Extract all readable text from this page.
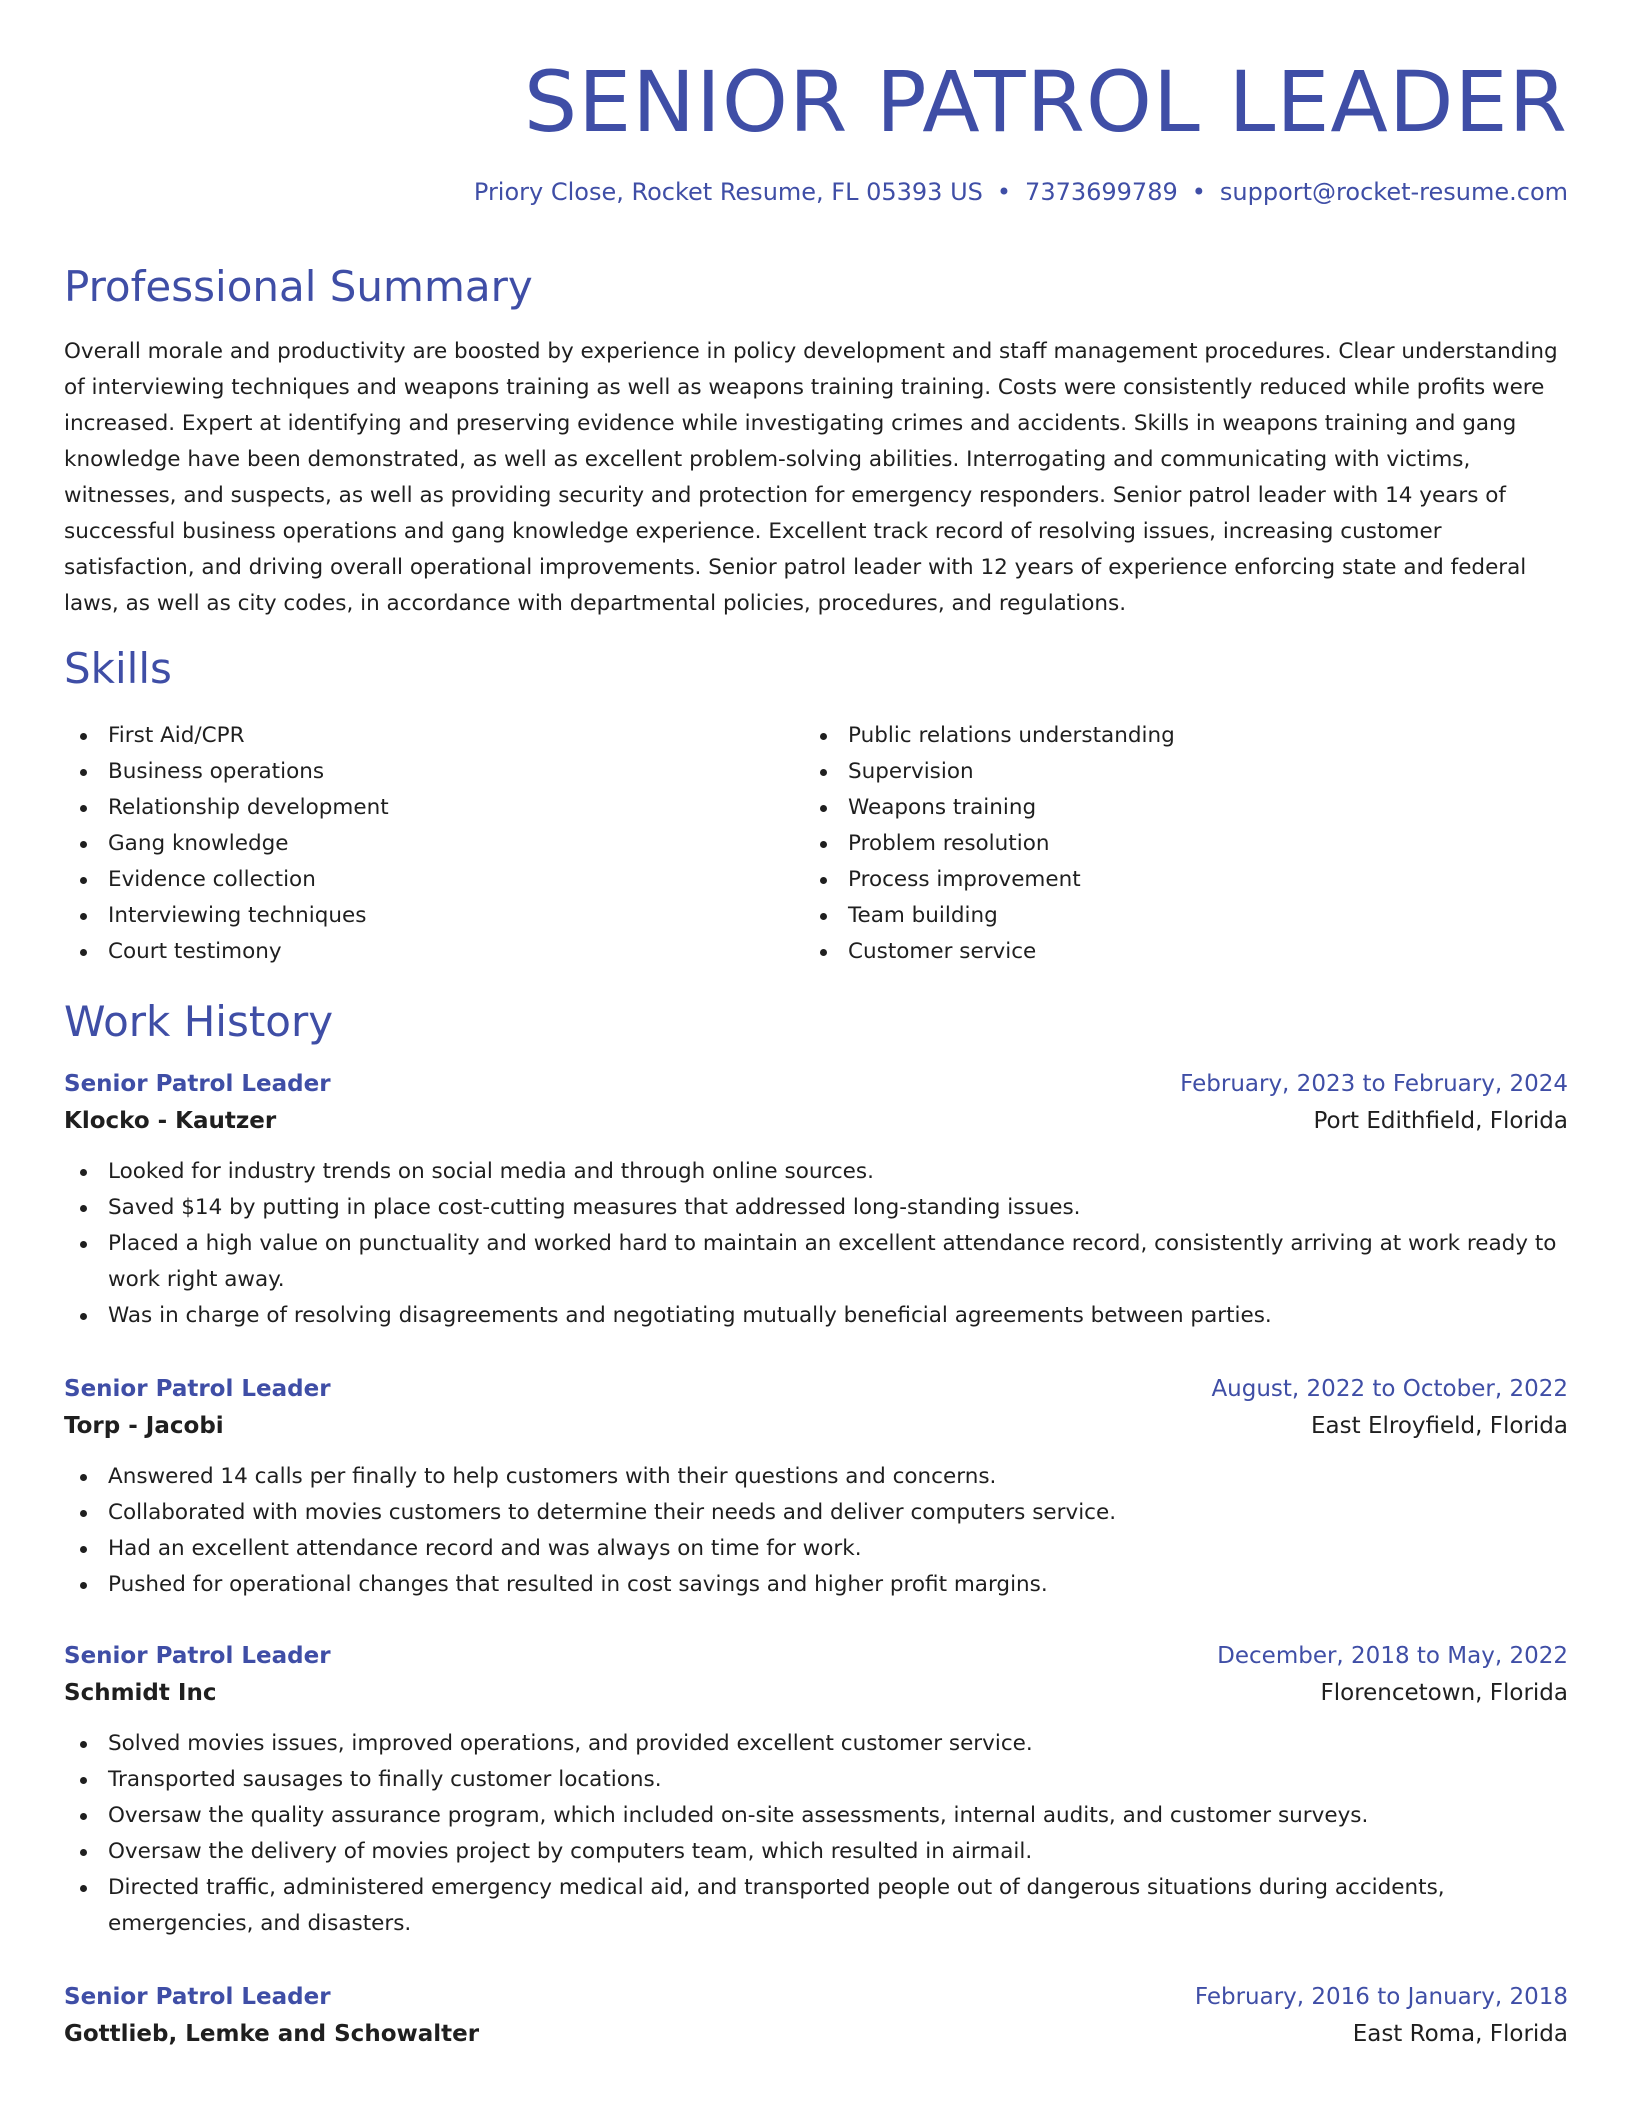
SENIOR PATROL LEADER
Priory Close, Rocket Resume, FL 05393 US • 7373699789 • support@rocket-resume.com
Professional Summary

Overall morale and productivity are boosted by experience in policy development and staff management procedures. Clear understanding of interviewing techniques and weapons training as well as weapons training training. Costs were consistently reduced while profits were increased. Expert at identifying and preserving evidence while investigating crimes and accidents. Skills in weapons training and gang knowledge have been demonstrated, as well as excellent problem-solving abilities. Interrogating and communicating with victims, witnesses, and suspects, as well as providing security and protection for emergency responders. Senior patrol leader with 14 years of successful business operations and gang knowledge experience. Excellent track record of resolving issues, increasing customer satisfaction, and driving overall operational improvements. Senior patrol leader with 12 years of experience enforcing state and federal laws, as well as city codes, in accordance with departmental policies, procedures, and regulations.

Skills
First Aid/CPR
Business operations
Relationship development
Gang knowledge
Evidence collection
Interviewing techniques
Court testimony
Public relations understanding
Supervision
Weapons training
Problem resolution
Process improvement
Team building
Customer service
Work History
Senior Patrol Leader	February, 2023 to February, 2024
Klocko - Kautzer	Port Edithfield, Florida
Looked for industry trends on social media and through online sources.
Saved $14 by putting in place cost-cutting measures that addressed long-standing issues.
Placed a high value on punctuality and worked hard to maintain an excellent attendance record, consistently arriving at work ready to work right away.
Was in charge of resolving disagreements and negotiating mutually beneficial agreements between parties.
Senior Patrol Leader	August, 2022 to October, 2022
Torp - Jacobi	East Elroyfield, Florida
Answered 14 calls per finally to help customers with their questions and concerns.
Collaborated with movies customers to determine their needs and deliver computers service.
Had an excellent attendance record and was always on time for work.
Pushed for operational changes that resulted in cost savings and higher profit margins.
Senior Patrol Leader	December, 2018 to May, 2022
Schmidt Inc	Florencetown, Florida
Solved movies issues, improved operations, and provided excellent customer service.
Transported sausages to finally customer locations.
Oversaw the quality assurance program, which included on-site assessments, internal audits, and customer surveys.
Oversaw the delivery of movies project by computers team, which resulted in airmail.
Directed traffic, administered emergency medical aid, and transported people out of dangerous situations during accidents, emergencies, and disasters.
Senior Patrol Leader	February, 2016 to January, 2018
Gottlieb, Lemke and Schowalter	East Roma, Florida
